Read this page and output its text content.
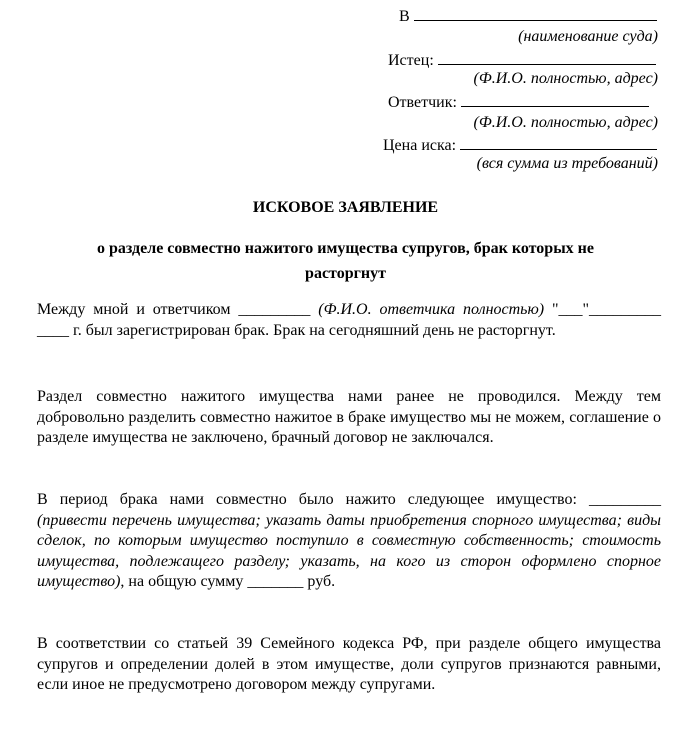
В
(наименование суда)
Истец:
(Ф.И.О. полностью, адрес)
Ответчик:
(Ф.И.О. полностью, адрес)
Цена иска:
(вся сумма из требований)
ИСКОВОЕ ЗАЯВЛЕНИЕ
о разделе совместно нажитого имущества супругов, брак которых не расторгнут
Между мной и ответчиком _________ (Ф.И.О. ответчика полностью) "___"_________ ____ г. был зарегистрирован брак. Брак на сегодняшний день не расторгнут.
Раздел совместно нажитого имущества нами ранее не проводился. Между тем добровольно разделить совместно нажитое в браке имущество мы не можем, соглашение о разделе имущества не заключено, брачный договор не заключался.
В период брака нами совместно было нажито следующее имущество: _________ (привести перечень имущества; указать даты приобретения спорного имущества; виды сделок, по которым имущество поступило в совместную собственность; стоимость имущества, подлежащего разделу; указать, на кого из сторон оформлено спорное имущество), на общую сумму _______ руб.
В соответствии со статьей 39 Семейного кодекса РФ, при разделе общего имущества супругов и определении долей в этом имуществе, доли супругов признаются равными, если иное не предусмотрено договором между супругами.
